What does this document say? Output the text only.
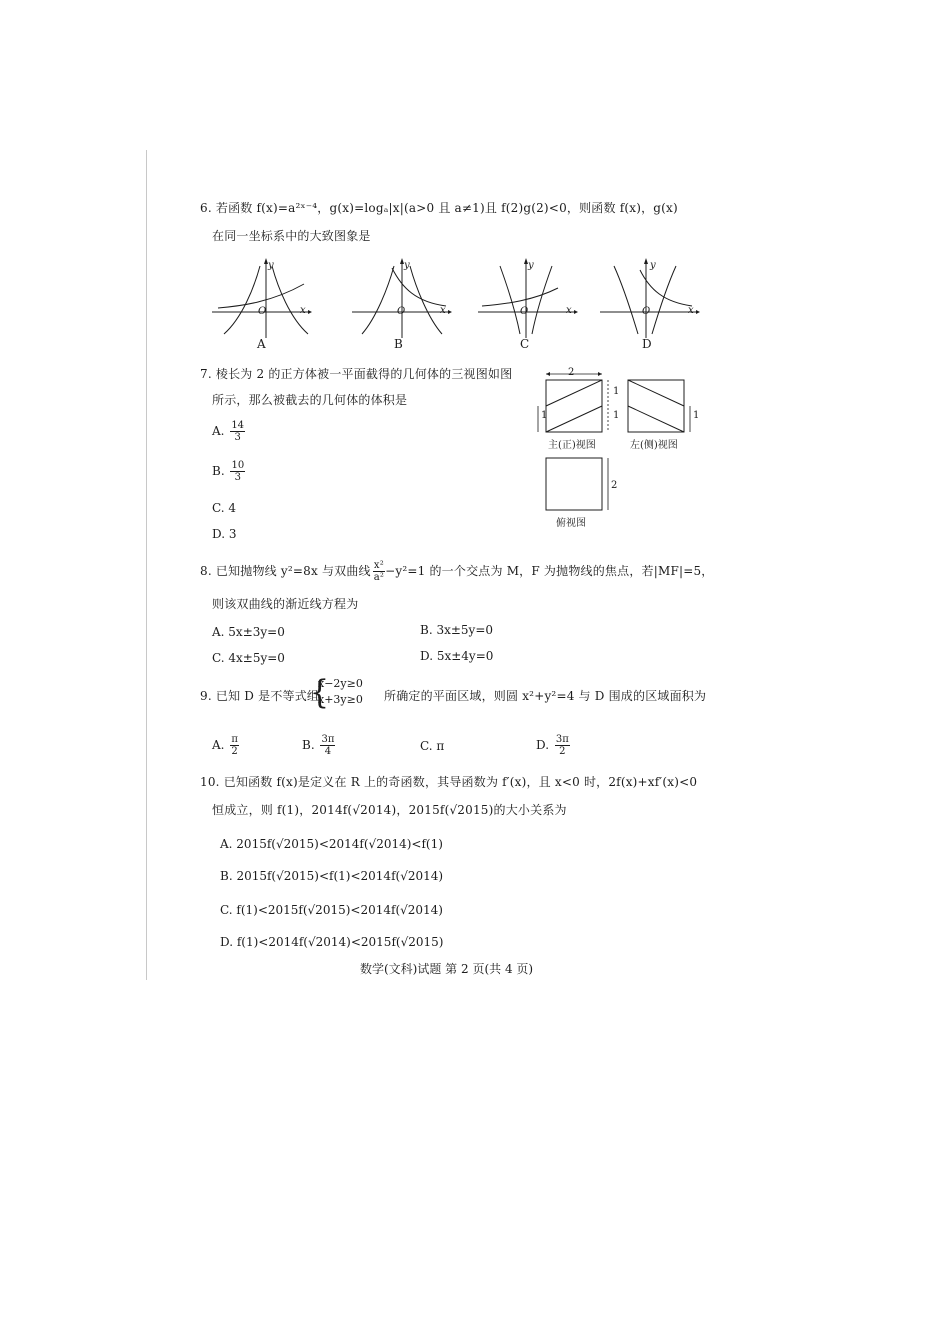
6. 若函数 f(x)=a²ˣ⁻⁴，g(x)=logₐ|x|(a>0 且 a≠1)且 f(2)g(2)<0，则函数 f(x)，g(x)
在同一坐标系中的大致图象是
y
x
O
A
y
x
O
B
y
x
O
C
y
x
O
D
7. 棱长为 2 的正方体被一平面截得的几何体的三视图如图
所示，那么被截去的几何体的体积是
A. $\frac{14}{3}$
B. $\frac{10}{3}$
C. 4
D. 3
2
1
1
1	1
主(正)视图	左(侧)视图
2
俯视图
8. 已知抛物线 y²=8x 与双曲线 $\frac{\text{x²}}{\text{a²}} -y^2=1$ 的一个交点为 M，F 为抛物线的焦点，若|MF|=5，
则该双曲线的渐近线方程为
A. 5x±3y=0	B. 3x±5y=0
C. 4x±5y=0	D. 5x±4y=0
9. 已知 D 是不等式组
{
x−2y≥0
x+3y≥0 所确定的平面区域，则圆 x²+y²=4 与 D 围成的区域面积为
A. $\frac{\pi}{2}$	B. $\frac{3\pi}{4}$	C. π	D. $\frac{3\pi}{2}$
10. 已知函数 f(x)是定义在 R 上的奇函数，其导函数为 f′(x)，且 x<0 时，2f(x)+xf′(x)<0
恒成立，则 f(1)，2014f(√2014)，2015f(√2015)的大小关系为
A. 2015f(√2015)<2014f(√2014)<f(1)
B. 2015f(√2015)<f(1)<2014f(√2014)
C. f(1)<2015f(√2015)<2014f(√2014)
D. f(1)<2014f(√2014)<2015f(√2015)
数学(文科)试题 第 2 页(共 4 页)
